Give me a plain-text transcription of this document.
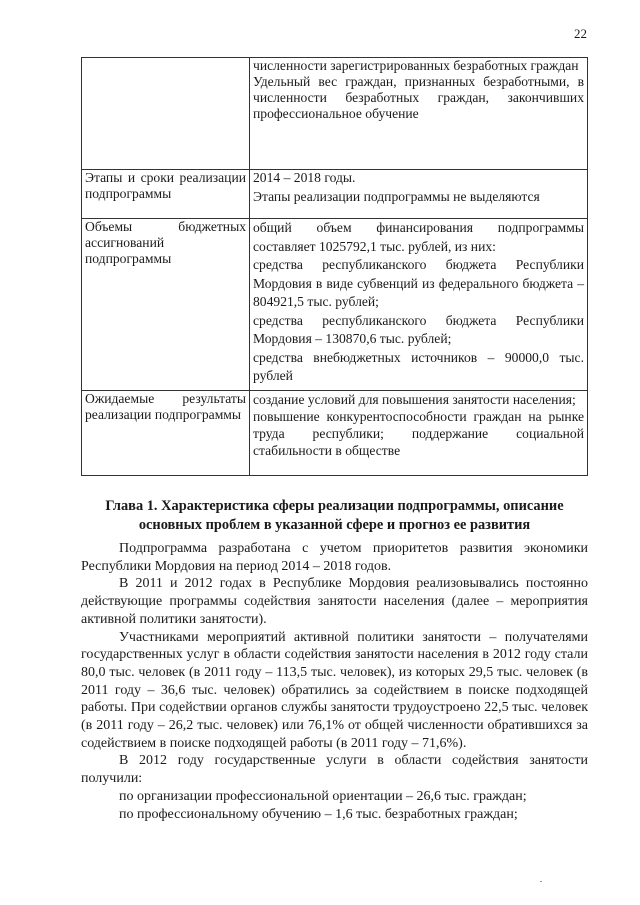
22

	численности зарегистрированных безработных граждан
Удельный вес граждан, признанных безработными, в численности безработных граждан, закончивших профессиональное обучение

Этапы и сроки реализации подпрограммы	2014 – 2018 годы.
Этапы реализации подпрограммы не выделяются

Объемы бюджетных ассигнований подпрограммы	общий объем финансирования подпрограммы составляет 1025792,1 тыс. рублей, из них:
средства республиканского бюджета Республики Мордовия в виде субвенций из федерального бюджета – 804921,5 тыс. рублей;
средства республиканского бюджета Республики Мордовия – 130870,6 тыс. рублей;
средства внебюджетных источников – 90000,0 тыс. рублей

Ожидаемые результаты реализации подпрограммы	создание условий для повышения занятости населения;
повышение конкурентоспособности граждан на рынке труда республики; поддержание социальной стабильности в обществе
Глава 1. Характеристика сферы реализации подпрограммы, описание основных проблем в указанной сфере и прогноз ее развития

Подпрограмма разработана с учетом приоритетов развития экономики Республики Мордовия на период 2014 – 2018 годов.

В 2011 и 2012 годах в Республике Мордовия реализовывались постоянно действующие программы содействия занятости населения (далее – мероприятия активной политики занятости).

Участниками мероприятий активной политики занятости – получателями государственных услуг в области содействия занятости населения в 2012 году стали 80,0 тыс. человек (в 2011 году – 113,5 тыс. человек), из которых 29,5 тыс. человек (в 2011 году – 36,6 тыс. человек) обратились за содействием в поиске подходящей работы. При содействии органов службы занятости трудоустроено 22,5 тыс. человек (в 2011 году – 26,2 тыс. человек) или 76,1% от общей численности обратившихся за содействием в поиске подходящей работы (в 2011 году – 71,6%).

В 2012 году государственные услуги в области содействия занятости получили:

по организации профессиональной ориентации – 26,6 тыс. граждан;

по профессиональному обучению – 1,6 тыс. безработных граждан;
